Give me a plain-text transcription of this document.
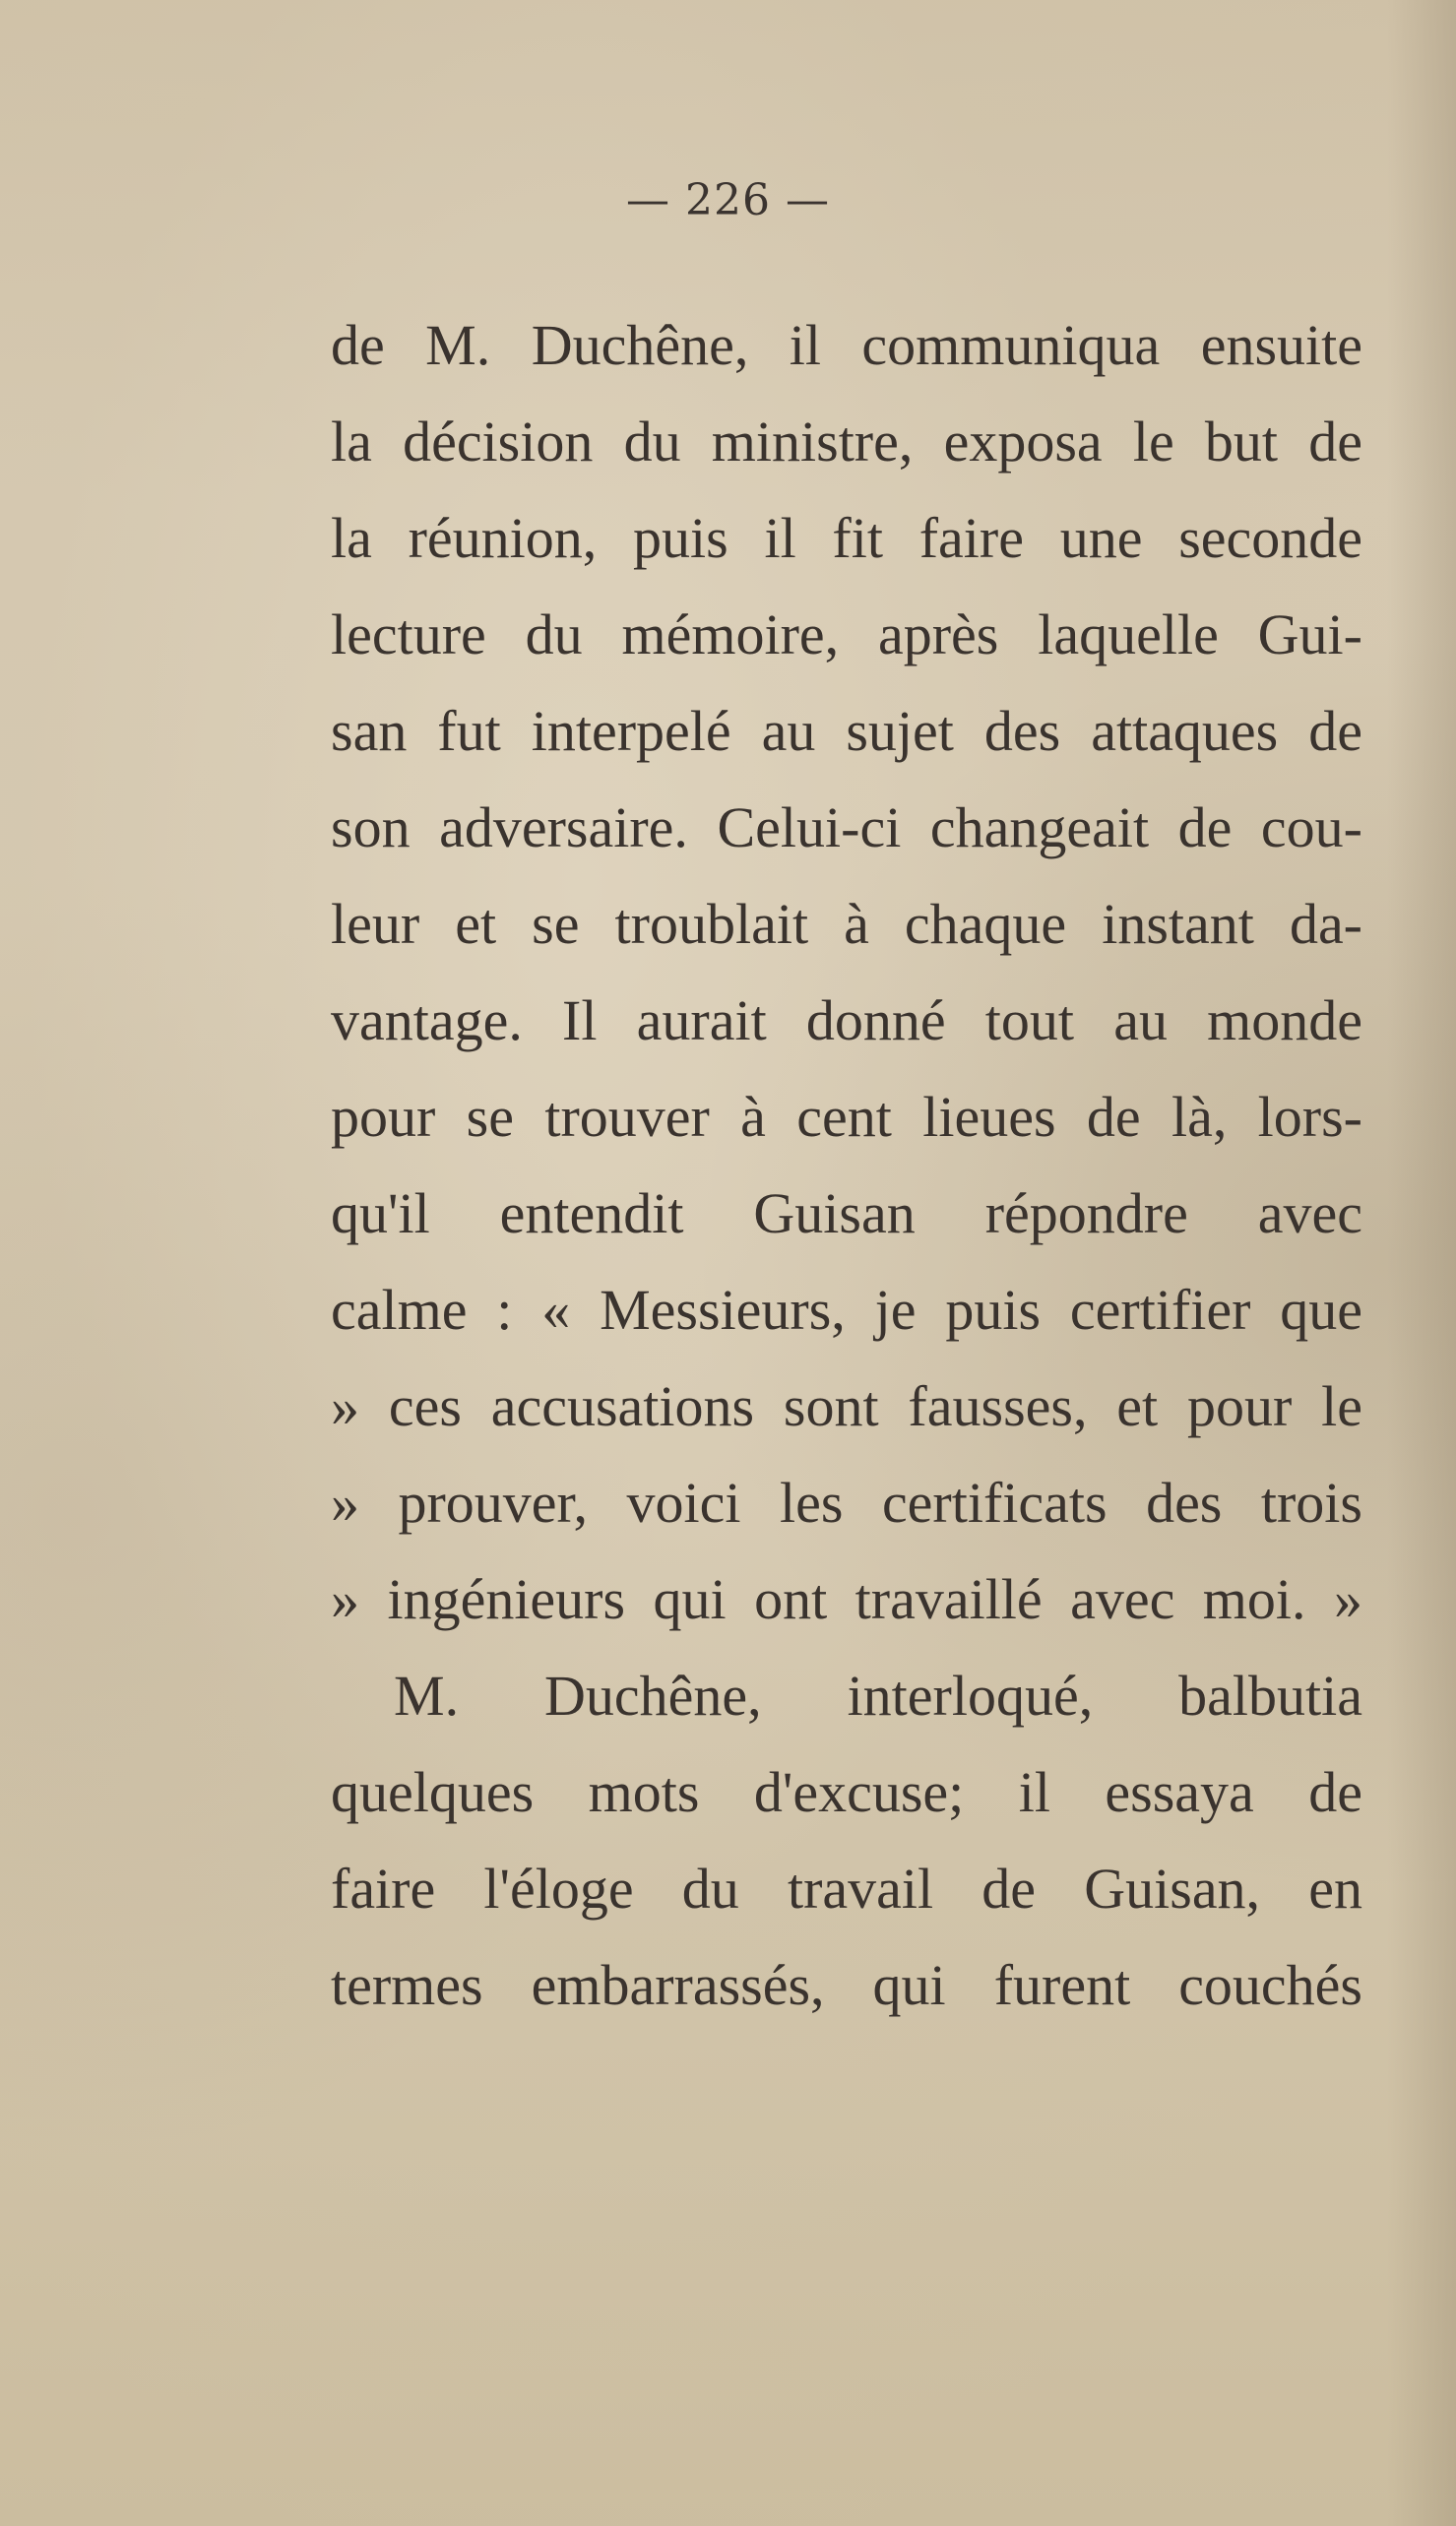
— 226 —
de M. Duchêne, il communiqua ensuite
la décision du ministre, exposa le but de
la réunion, puis il fit faire une seconde
lecture du mémoire, après laquelle Gui-
san fut interpelé au sujet des attaques de
son adversaire. Celui-ci changeait de cou-
leur et se troublait à chaque instant da-
vantage. Il aurait donné tout au monde
pour se trouver à cent lieues de là, lors-
qu'il entendit Guisan répondre avec
calme : « Messieurs, je puis certifier que
» ces accusations sont fausses, et pour le
» prouver, voici les certificats des trois
» ingénieurs qui ont travaillé avec moi. »
M. Duchêne, interloqué, balbutia
quelques mots d'excuse; il essaya de
faire l'éloge du travail de Guisan, en
termes embarrassés, qui furent couchés
